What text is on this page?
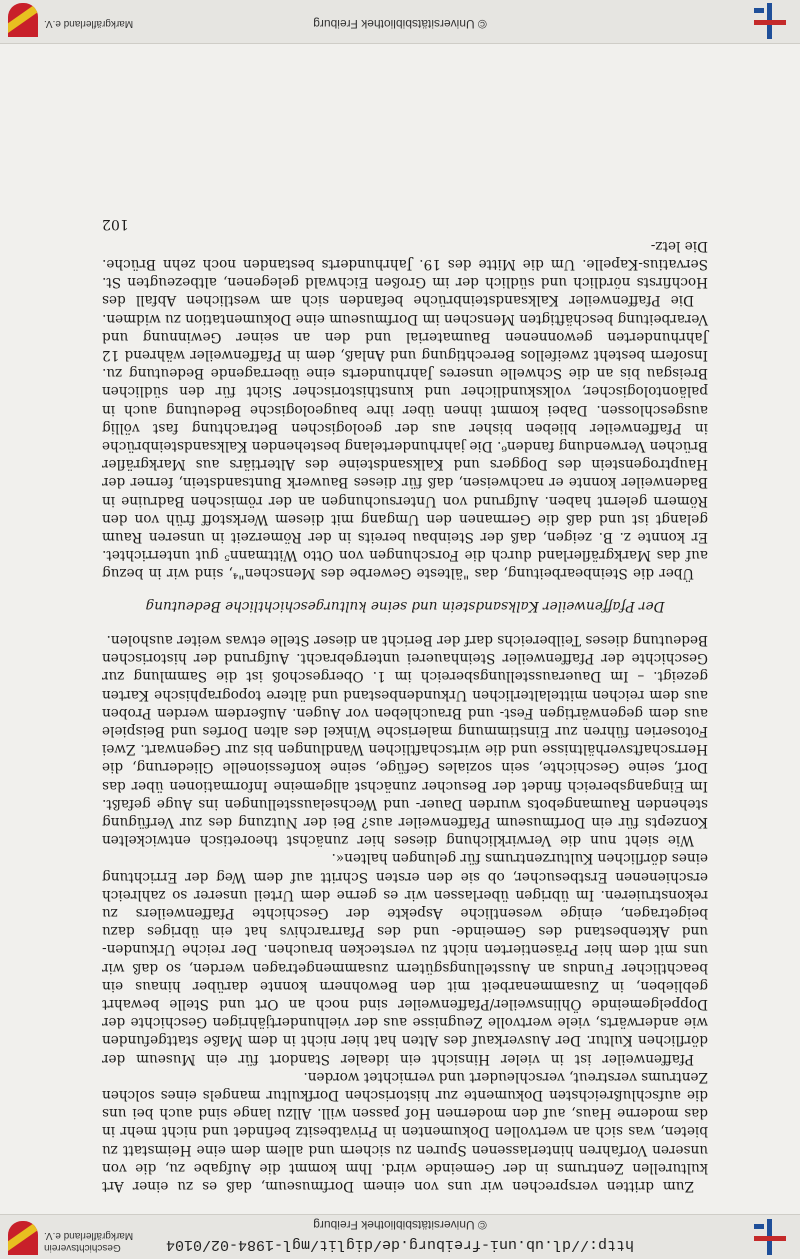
http://dl.ub.uni-freiburg.de/diglit/mgl-1984-02/0104
© Universitätsbibliothek Freiburg
Geschichtsverein
Markgräflerland e.V.

Zum dritten versprechen wir uns von einem Dorfmuseum, daß es zu einer Art kulturellen Zentrums in der Gemeinde wird. Ihm kommt die Aufgabe zu, die von unseren Vorfahren hinterlassenen Spuren zu sichern und allem dem eine Heimstatt zu bieten, was sich an wertvollen Dokumenten in Privatbesitz befindet und nicht mehr in das moderne Haus, auf den modernen Hof passen will. Allzu lange sind auch bei uns die aufschlußreichsten Dokumente zur historischen Dorfkultur mangels eines solchen Zentrums verstreut, verschleudert und vernichtet worden.

Pfaffenweiler ist in vieler Hinsicht ein idealer Standort für ein Museum der dörflichen Kultur. Der Ausverkauf des Alten hat hier nicht in dem Maße stattgefunden wie anderwärts, viele wertvolle Zeugnisse aus der vielhundertjährigen Geschichte der Doppelgemeinde Öhlinsweiler/Pfaffenweiler sind noch an Ort und Stelle bewahrt geblieben, in Zusammenarbeit mit den Bewohnern konnte darüber hinaus ein beachtlicher Fundus an Ausstellungsgütern zusammengetragen werden, so daß wir uns mit dem hier Präsentierten nicht zu verstecken brauchen. Der reiche Urkunden- und Aktenbestand des Gemeinde- und des Pfarrarchivs hat ein übriges dazu beigetragen, einige wesentliche Aspekte der Geschichte Pfaffenweilers zu rekonstruieren. Im übrigen überlassen wir es gerne dem Urteil unserer so zahlreich erschienenen Erstbesucher, ob sie den ersten Schritt auf dem Weg der Errichtung eines dörflichen Kulturzentrums für gelungen halten«.

Wie sieht nun die Verwirklichung dieses hier zunächst theoretisch entwickelten Konzepts für ein Dorfmuseum Pfaffenweiler aus? Bei der Nutzung des zur Verfügung stehenden Raumangebots wurden Dauer- und Wechselausstellungen ins Auge gefaßt. Im Eingangsbereich findet der Besucher zunächst allgemeine Informationen über das Dorf, seine Geschichte, sein soziales Gefüge, seine konfessionelle Gliederung, die Herrschaftsverhältnisse und die wirtschaftlichen Wandlungen bis zur Gegenwart. Zwei Fotoserien führen zur Einstimmung malerische Winkel des alten Dorfes und Beispiele aus dem gegenwärtigen Fest- und Brauchleben vor Augen. Außerdem werden Proben aus dem reichen mittelalterlichen Urkundenbestand und ältere topographische Karten gezeigt. – Im Dauerausstellungsbereich im 1. Obergeschoß ist die Sammlung zur Geschichte der Pfaffenweiler Steinhauerei untergebracht. Aufgrund der historischen Bedeutung dieses Teilbereichs darf der Bericht an dieser Stelle etwas weiter ausholen.

Der Pfaffenweiler Kalksandstein und seine kulturgeschichtliche Bedeutung

Über die Steinbearbeitung, das "älteste Gewerbe des Menschen"⁴, sind wir in bezug auf das Markgräflerland durch die Forschungen von Otto Wittmann⁵ gut unterrichtet. Er konnte z. B. zeigen, daß der Steinbau bereits in der Römerzeit in unseren Raum gelangt ist und daß die Germanen den Umgang mit diesem Werkstoff früh von den Römern gelernt haben. Aufgrund von Untersuchungen an der römischen Badruine in Badenweiler konnte er nachweisen, daß für dieses Bauwerk Buntsandstein, ferner der Hauptrogenstein des Doggers und Kalksandsteine des Altertiärs aus Markgräfler Brüchen Verwendung fanden⁶. Die jahrhundertelang bestehenden Kalksandsteinbrüche in Pfaffenweiler blieben bisher aus der geologischen Betrachtung fast völlig ausgeschlossen. Dabei kommt ihnen über ihre baugeologische Bedeutung auch in paläontologischer, volkskundlicher und kunsthistorischer Sicht für den südlichen Breisgau bis an die Schwelle unseres Jahrhunderts eine überragende Bedeutung zu. Insofern besteht zweifellos Berechtigung und Anlaß, dem in Pfaffenweiler während 12 Jahrhunderten gewonnenen Baumaterial und den an seiner Gewinnung und Verarbeitung beschäftigten Menschen im Dorfmuseum eine Dokumentation zu widmen.

Die Pfaffenweiler Kalksandsteinbrüche befanden sich am westlichen Abfall des Hochfirsts nördlich und südlich der im Großen Eichwald gelegenen, altbezeugten St. Servatius-Kapelle. Um die Mitte des 19. Jahrhunderts bestanden noch zehn Brüche. Die letz-

102
© Universitätsbibliothek Freiburg
Markgräflerland e.V.
